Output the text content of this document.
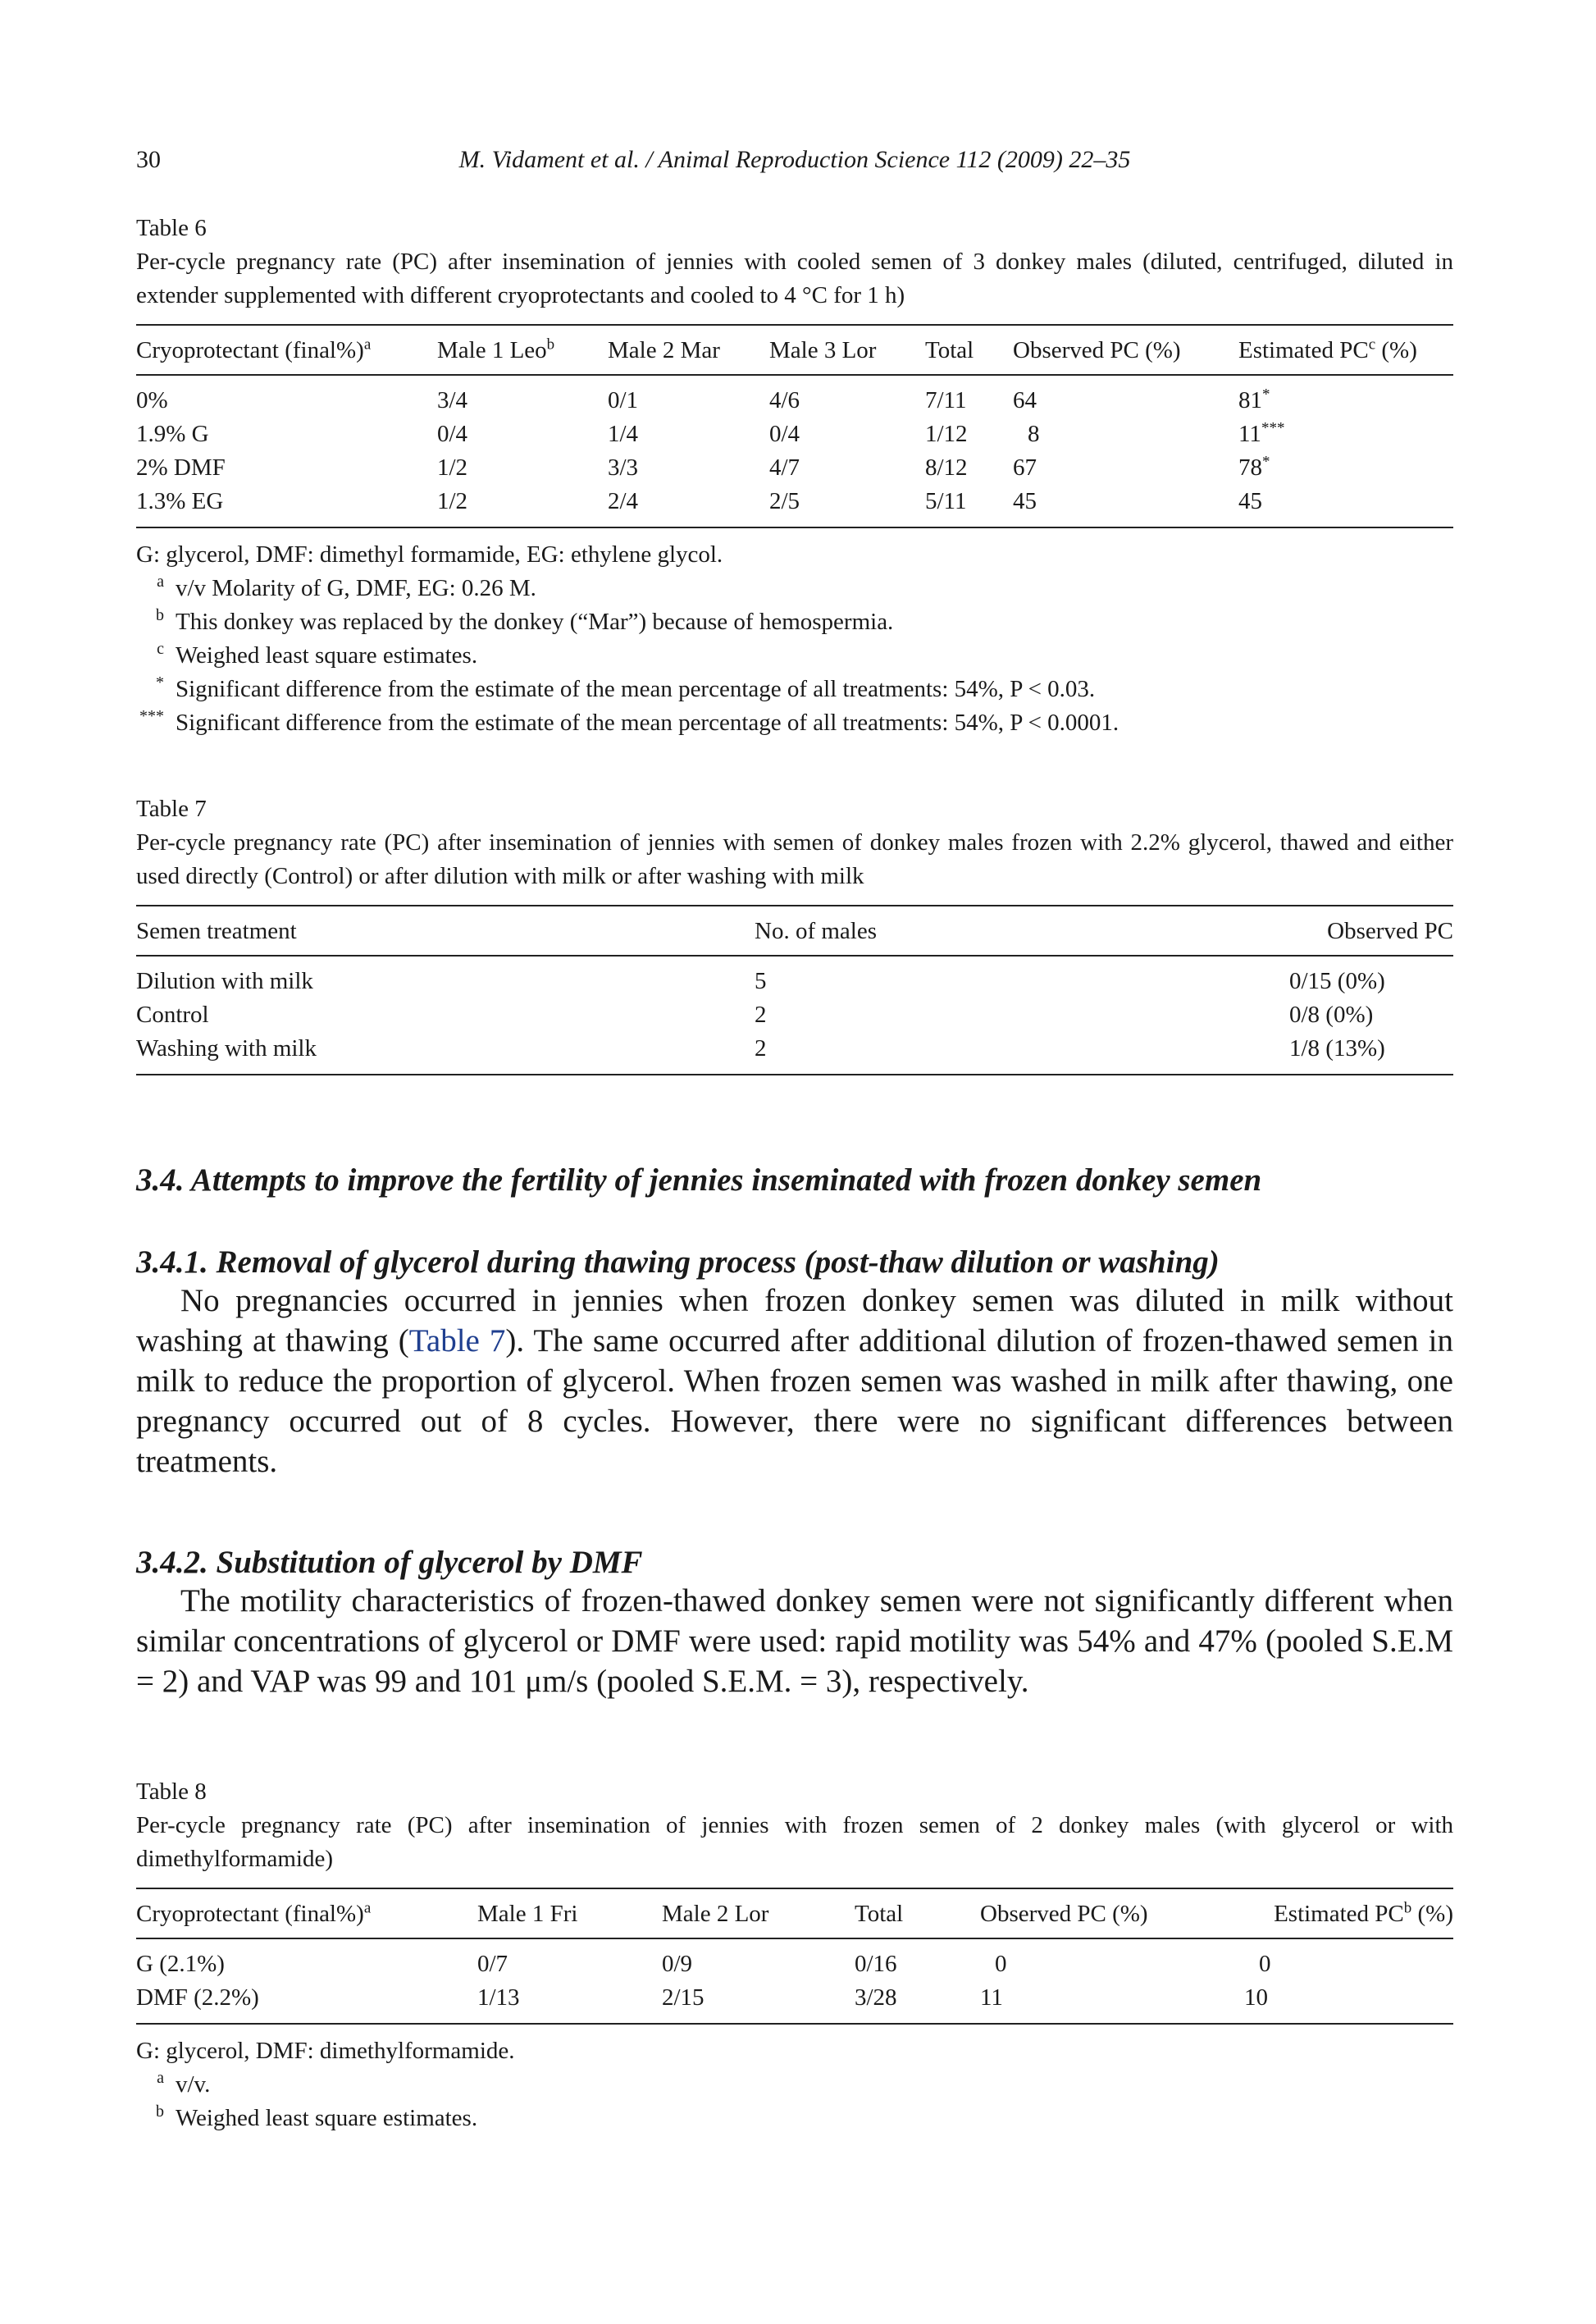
30	M. Vidament et al. / Animal Reproduction Science 112 (2009) 22–35

Table 6

Per-cycle pregnancy rate (PC) after insemination of jennies with cooled semen of 3 donkey males (diluted, centrifuged, diluted in extender supplemented with different cryoprotectants and cooled to 4 °C for 1 h)

Cryoprotectant (final%)$^a$	Male 1 Leo$^b$	Male 2 Mar	Male 3 Lor	Total	Observed PC (%)	Estimated $PC^c$ (%)
0%	3/4	0/1	4/6	7/11	64	81*
1.9% G	0/4	1/4	0/4	1/12	8	11***
2% DMF	1/2	3/3	4/7	8/12	67	78*
1.3% EG	1/2	2/4	2/5	5/11	45	45

G: glycerol, DMF: dimethyl formamide, EG: ethylene glycol.

a v/v Molarity of G, DMF, EG: 0.26 M.

b This donkey was replaced by the donkey (“Mar”) because of hemospermia.

c Weighed least square estimates.

* Significant difference from the estimate of the mean percentage of all treatments: 54%, P < 0.03.

*** Significant difference from the estimate of the mean percentage of all treatments: 54%, P < 0.0001.

Table 7

Per-cycle pregnancy rate (PC) after insemination of jennies with semen of donkey males frozen with 2.2% glycerol, thawed and either used directly (Control) or after dilution with milk or after washing with milk

Semen treatment	No. of males	Observed PC
Dilution with milk	5	0/15 (0%)
Control	2	0/8 (0%)
Washing with milk	2	1/8 (13%)
3.4. Attempts to improve the fertility of jennies inseminated with frozen donkey semen
3.4.1. Removal of glycerol during thawing process (post-thaw dilution or washing)

No pregnancies occurred in jennies when frozen donkey semen was diluted in milk without washing at thawing (Table 7). The same occurred after additional dilution of frozen-thawed semen in milk to reduce the proportion of glycerol. When frozen semen was washed in milk after thawing, one pregnancy occurred out of 8 cycles. However, there were no significant differences between treatments.

3.4.2. Substitution of glycerol by DMF

The motility characteristics of frozen-thawed donkey semen were not significantly different when similar concentrations of glycerol or DMF were used: rapid motility was 54% and 47% (pooled S.E.M = 2) and VAP was 99 and 101 μm/s (pooled S.E.M. = 3), respectively.

Table 8

Per-cycle pregnancy rate (PC) after insemination of jennies with frozen semen of 2 donkey males (with glycerol or with dimethylformamide)

Cryoprotectant (final%)$^a$	Male 1 Fri	Male 2 Lor	Total	Observed PC (%)	Estimated $PC^b$ (%)
G (2.1%)	0/7	0/9	0/16	0	0
DMF (2.2%)	1/13	2/15	3/28	11	10

G: glycerol, DMF: dimethylformamide.

a v/v.

b Weighed least square estimates.
